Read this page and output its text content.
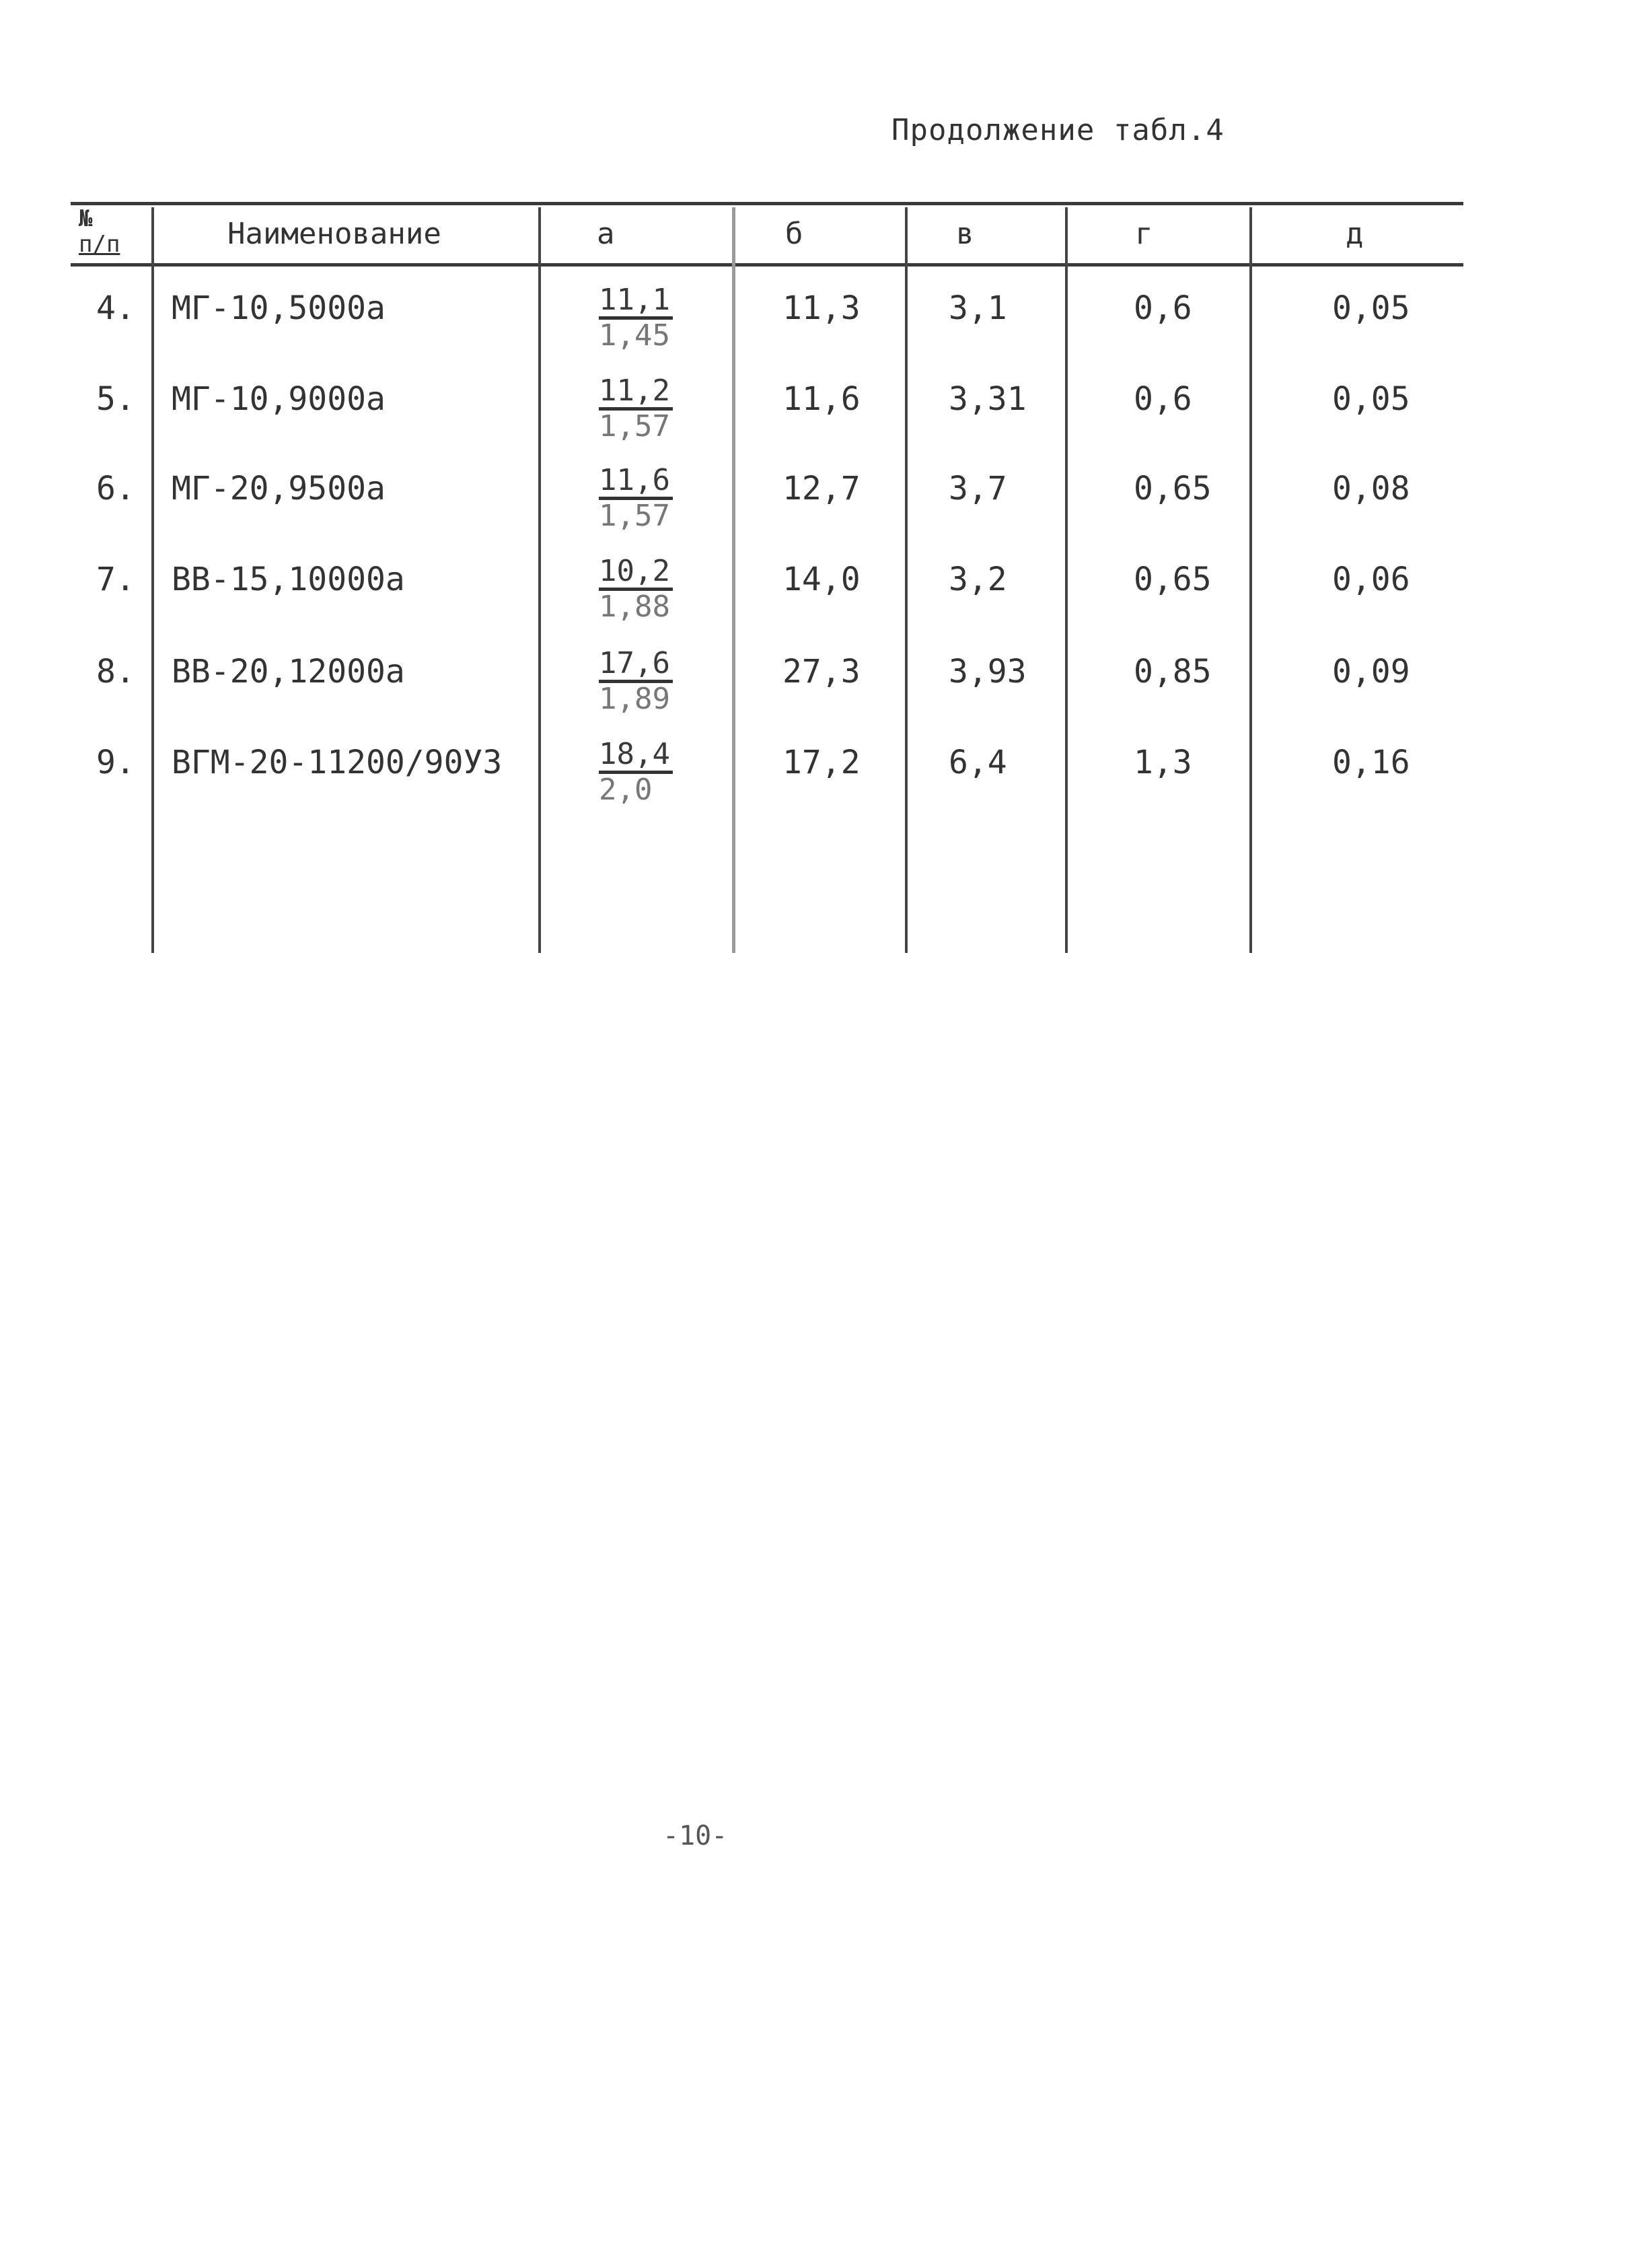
Продолжение табл.4
№
п/п	Наименование	а	б	в	г	д
4. МГ-10,5000а	$\frac{11,1}{1,45}$	11,3	3,1	0,6	0,05
5. МГ-10,9000а	$\frac{11,2}{1,57}$	11,6	3,31	0,6	0,05
6. МГ-20,9500а	$\frac{11,6}{1,57}$	12,7	3,7	0,65	0,08
7. ВВ-15,10000а	$\frac{10,2}{1,88}$	14,0	3,2	0,65	0,06
8. ВВ-20,12000а	$\frac{17,6}{1,89}$	27,3	3,93	0,85	0,09
9. ВГМ-20-11200/90У3	$\frac{18,4}{2,0}$	17,2	6,4	1,3	0,16
-10-
